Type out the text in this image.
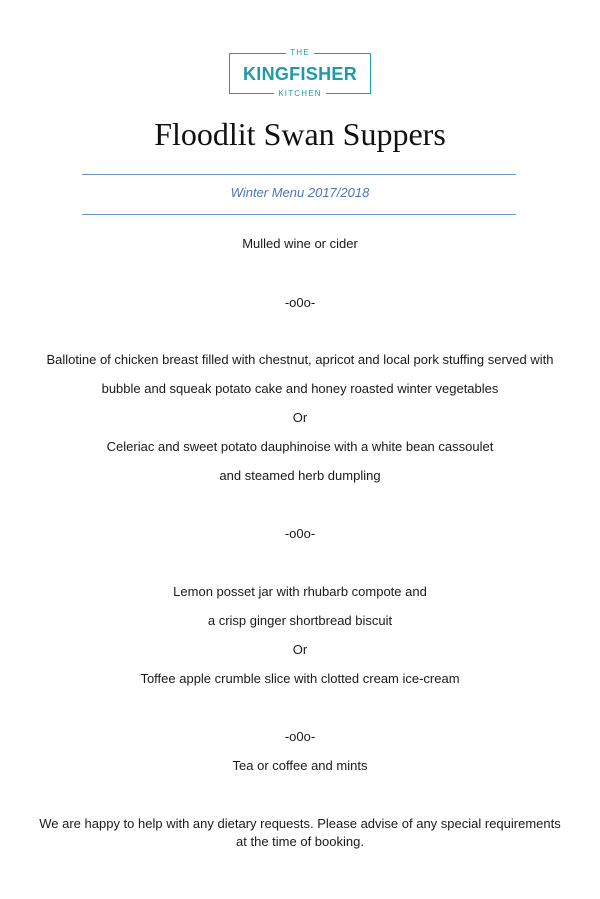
THE
KINGFISHER
KITCHEN
Floodlit Swan Suppers
Winter Menu 2017/2018
Mulled wine or cider
-o0o-
Ballotine of chicken breast filled with chestnut, apricot and local pork stuffing served with
bubble and squeak potato cake and honey roasted winter vegetables
Or
Celeriac and sweet potato dauphinoise with a white bean cassoulet
and steamed herb dumpling
-o0o-
Lemon posset jar with rhubarb compote and
a crisp ginger shortbread biscuit
Or
Toffee apple crumble slice with clotted cream ice-cream
-o0o-
Tea or coffee and mints
We are happy to help with any dietary requests. Please advise of any special requirements
at the time of booking.
